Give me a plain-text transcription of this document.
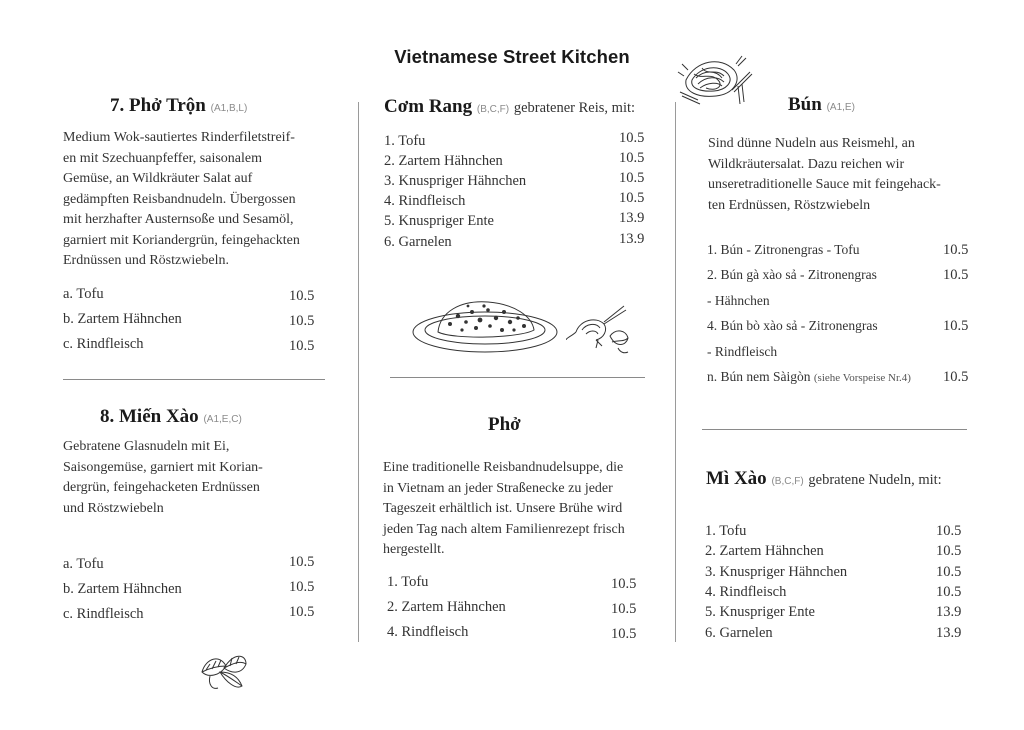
Vietnamese Street Kitchen
7. Phở Trộn (A1,B,L)
Medium Wok-sautiertes Rinderfiletstreif-
en mit Szechuanpfeffer, saisonalem
Gemüse, an Wildkräuter Salat auf
gedämpften Reisbandnudeln. Übergossen
mit herzhafter Austernsoße und Sesamöl,
garniert mit Koriandergrün, feingehackten
Erdnüssen und Röstzwiebeln.
a. Tofu	10.5
b. Zartem Hähnchen	10.5
c. Rindfleisch	10.5
8. Miến Xào (A1,E,C)
Gebratene Glasnudeln mit Ei,
Saisongemüse, garniert mit Korian-
dergrün, feingehacketen Erdnüssen
und Röstzwiebeln
a. Tofu	10.5
b. Zartem Hähnchen	10.5
c. Rindfleisch	10.5
Cơm Rang (B,C,F) gebratener Reis, mit:
1. Tofu	10.5
2. Zartem Hähnchen	10.5
3. Knuspriger Hähnchen	10.5
4. Rindfleisch	10.5
5. Knuspriger Ente	13.9
6. Garnelen	13.9
Phở
Eine traditionelle Reisbandnudelsuppe, die
in Vietnam an jeder Straßenecke zu jeder
Tageszeit erhältlich ist. Unsere Brühe wird
jeden Tag nach altem Familienrezept frisch
hergestellt.
1. Tofu	10.5
2. Zartem Hähnchen	10.5
4. Rindfleisch	10.5
Bún (A1,E)
Sind dünne Nudeln aus Reismehl, an
Wildkräutersalat. Dazu reichen wir
unseretraditionelle Sauce mit feingehack-
ten Erdnüssen, Röstzwiebeln
1. Bún - Zitronengras - Tofu	10.5
2. Bún gà xào sả - Zitronengras	10.5
- Hähnchen
4. Bún bò xào sả - Zitronengras	10.5
- Rindfleisch
n. Bún nem Sàigòn (siehe Vorspeise Nr.4) 10.5
Mì Xào (B,C,F) gebratene Nudeln, mit:
1. Tofu	10.5
2. Zartem Hähnchen	10.5
3. Knuspriger Hähnchen	10.5
4. Rindfleisch	10.5
5. Knuspriger Ente	13.9
6. Garnelen	13.9
